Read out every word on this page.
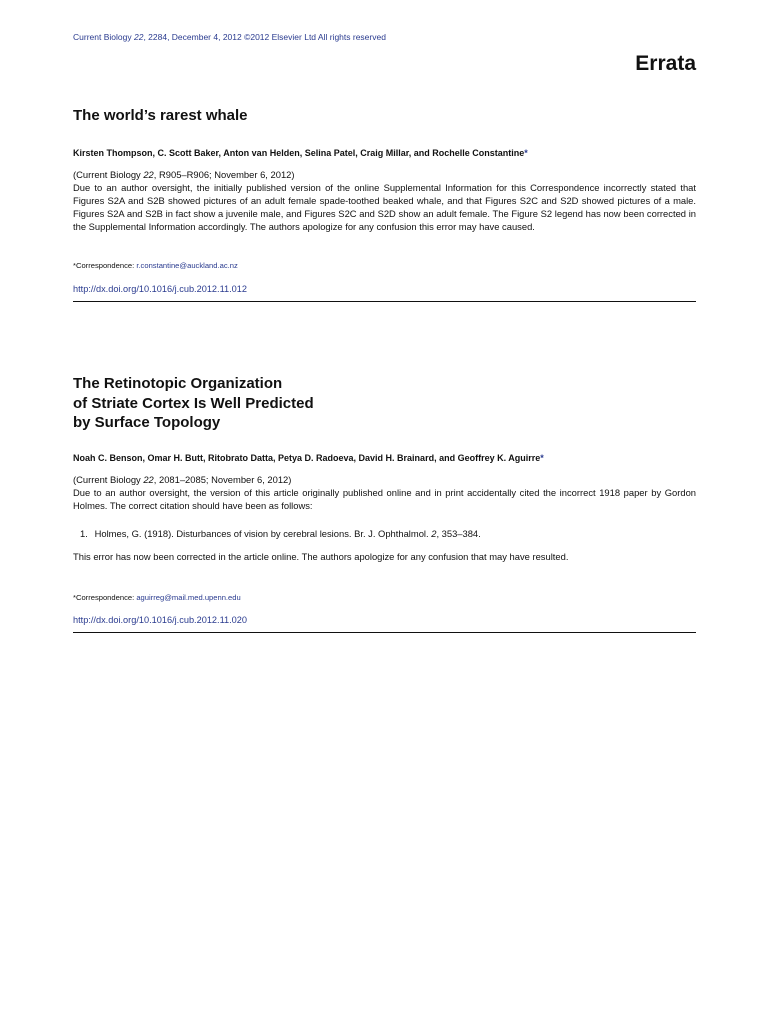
Current Biology 22, 2284, December 4, 2012 ©2012 Elsevier Ltd All rights reserved
Errata
The world’s rarest whale

Kirsten Thompson, C. Scott Baker, Anton van Helden, Selina Patel, Craig Millar, and Rochelle Constantine*

(Current Biology 22, R905–R906; November 6, 2012)

Due to an author oversight, the initially published version of the online Supplemental Information for this Correspondence incorrectly stated that Figures S2A and S2B showed pictures of an adult female spade-toothed beaked whale, and that Figures S2C and S2D showed pictures of a male. Figures S2A and S2B in fact show a juvenile male, and Figures S2C and S2D show an adult female. The Figure S2 legend has now been corrected in the Supplemental Information accordingly. The authors apologize for any confusion this error may have caused.

*Correspondence: r.constantine@auckland.ac.nz

http://dx.doi.org/10.1016/j.cub.2012.11.012

The Retinotopic Organization
of Striate Cortex Is Well Predicted
by Surface Topology

Noah C. Benson, Omar H. Butt, Ritobrato Datta, Petya D. Radoeva, David H. Brainard, and Geoffrey K. Aguirre*

(Current Biology 22, 2081–2085; November 6, 2012)

Due to an author oversight, the version of this article originally published online and in print accidentally cited the incorrect 1918 paper by Gordon Holmes. The correct citation should have been as follows:

1. Holmes, G. (1918). Disturbances of vision by cerebral lesions. Br. J. Ophthalmol. 2, 353–384.

This error has now been corrected in the article online. The authors apologize for any confusion that may have resulted.

*Correspondence: aguirreg@mail.med.upenn.edu

http://dx.doi.org/10.1016/j.cub.2012.11.020
